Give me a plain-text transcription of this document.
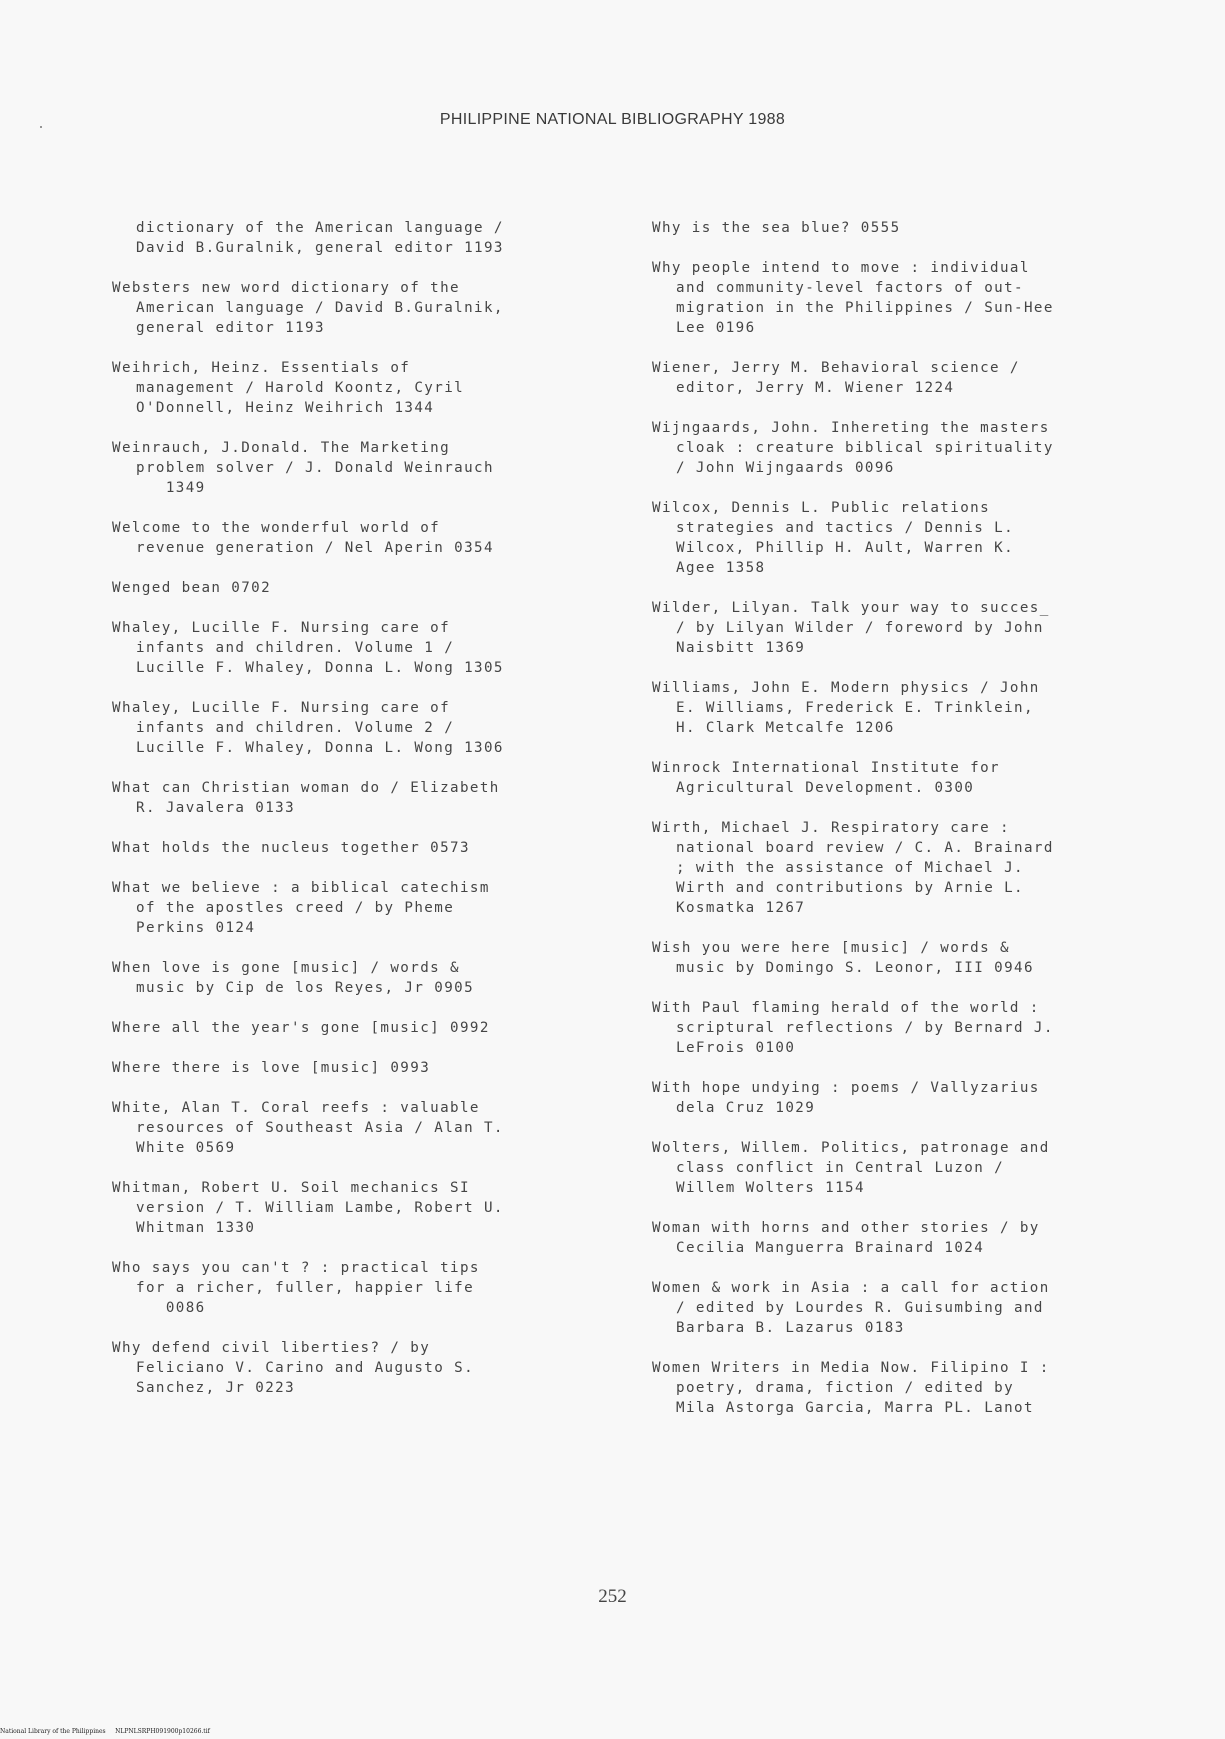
PHILIPPINE NATIONAL BIBLIOGRAPHY 1988

dictionary of the American language /
David B.Guralnik, general editor 1193

Websters new word dictionary of the
American language / David B.Guralnik,
general editor 1193

Weihrich, Heinz. Essentials of
management / Harold Koontz, Cyril
O'Donnell, Heinz Weihrich 1344

Weinrauch, J.Donald. The Marketing
problem solver / J. Donald Weinrauch
1349

Welcome to the wonderful world of
revenue generation / Nel Aperin 0354

Wenged bean 0702

Whaley, Lucille F. Nursing care of
infants and children. Volume 1 /
Lucille F. Whaley, Donna L. Wong 1305

Whaley, Lucille F. Nursing care of
infants and children. Volume 2 /
Lucille F. Whaley, Donna L. Wong 1306

What can Christian woman do / Elizabeth
R. Javalera 0133

What holds the nucleus together 0573

What we believe : a biblical catechism
of the apostles creed / by Pheme
Perkins 0124

When love is gone [music] / words &
music by Cip de los Reyes, Jr 0905

Where all the year's gone [music] 0992

Where there is love [music] 0993

White, Alan T. Coral reefs : valuable
resources of Southeast Asia / Alan T.
White 0569

Whitman, Robert U. Soil mechanics SI
version / T. William Lambe, Robert U.
Whitman 1330

Who says you can't ? : practical tips
for a richer, fuller, happier life
0086

Why defend civil liberties? / by
Feliciano V. Carino and Augusto S.
Sanchez, Jr 0223

Why is the sea blue? 0555

Why people intend to move : individual
and community-level factors of out-
migration in the Philippines / Sun-Hee
Lee 0196

Wiener, Jerry M. Behavioral science /
editor, Jerry M. Wiener 1224

Wijngaards, John. Inhereting the masters
cloak : creature biblical spirituality
/ John Wijngaards 0096

Wilcox, Dennis L. Public relations
strategies and tactics / Dennis L.
Wilcox, Phillip H. Ault, Warren K.
Agee 1358

Wilder, Lilyan. Talk your way to succes_
/ by Lilyan Wilder / foreword by John
Naisbitt 1369

Williams, John E. Modern physics / John
E. Williams, Frederick E. Trinklein,
H. Clark Metcalfe 1206

Winrock International Institute for
Agricultural Development. 0300

Wirth, Michael J. Respiratory care :
national board review / C. A. Brainard
; with the assistance of Michael J.
Wirth and contributions by Arnie L.
Kosmatka 1267

Wish you were here [music] / words &
music by Domingo S. Leonor, III 0946

With Paul flaming herald of the world :
scriptural reflections / by Bernard J.
LeFrois 0100

With hope undying : poems / Vallyzarius
dela Cruz 1029

Wolters, Willem. Politics, patronage and
class conflict in Central Luzon /
Willem Wolters 1154

Woman with horns and other stories / by
Cecilia Manguerra Brainard 1024

Women & work in Asia : a call for action
/ edited by Lourdes R. Guisumbing and
Barbara B. Lazarus 0183

Women Writers in Media Now. Filipino I :
poetry, drama, fiction / edited by
Mila Astorga Garcia, Marra PL. Lanot

252
National Library of the Philippines     NLPNLSRPH091900p10266.tif
